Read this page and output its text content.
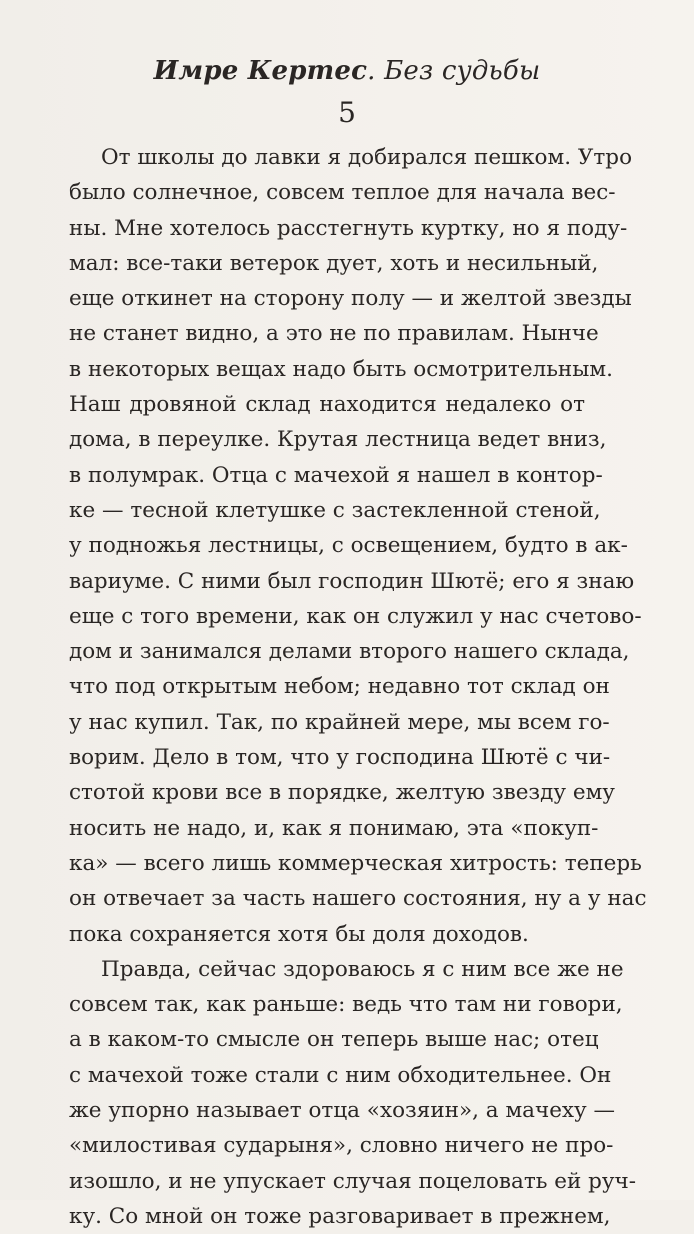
Имре Кертес. Без судьбы
5
От школы до лавки я добирался пешком. Утро
было солнечное, совсем теплое для начала вес-
ны. Мне хотелось расстегнуть куртку, но я поду-
мал: все-таки ветерок дует, хоть и несильный,
еще откинет на сторону полу — и желтой звезды
не станет видно, а это не по правилам. Нынче
в некоторых вещах надо быть осмотрительным.
Наш дровяной склад находится недалеко от
дома, в переулке. Крутая лестница ведет вниз,
в полумрак. Отца с мачехой я нашел в контор-
ке — тесной клетушке с застекленной стеной,
у подножья лестницы, с освещением, будто в ак-
вариуме. С ними был господин Шютё; его я знаю
еще с того времени, как он служил у нас счетово-
дом и занимался делами второго нашего склада,
что под открытым небом; недавно тот склад он
у нас купил. Так, по крайней мере, мы всем го-
ворим. Дело в том, что у господина Шютё с чи-
стотой крови все в порядке, желтую звезду ему
носить не надо, и, как я понимаю, эта «покуп-
ка» — всего лишь коммерческая хитрость: теперь
он отвечает за часть нашего состояния, ну а у нас
пока сохраняется хотя бы доля доходов.
Правда, сейчас здороваюсь я с ним все же не
совсем так, как раньше: ведь что там ни говори,
а в каком-то смысле он теперь выше нас; отец
с мачехой тоже стали с ним обходительнее. Он
же упорно называет отца «хозяин», а мачеху —
«милостивая сударыня», словно ничего не про-
изошло, и не упускает случая поцеловать ей руч-
ку. Со мной он тоже разговаривает в прежнем,
